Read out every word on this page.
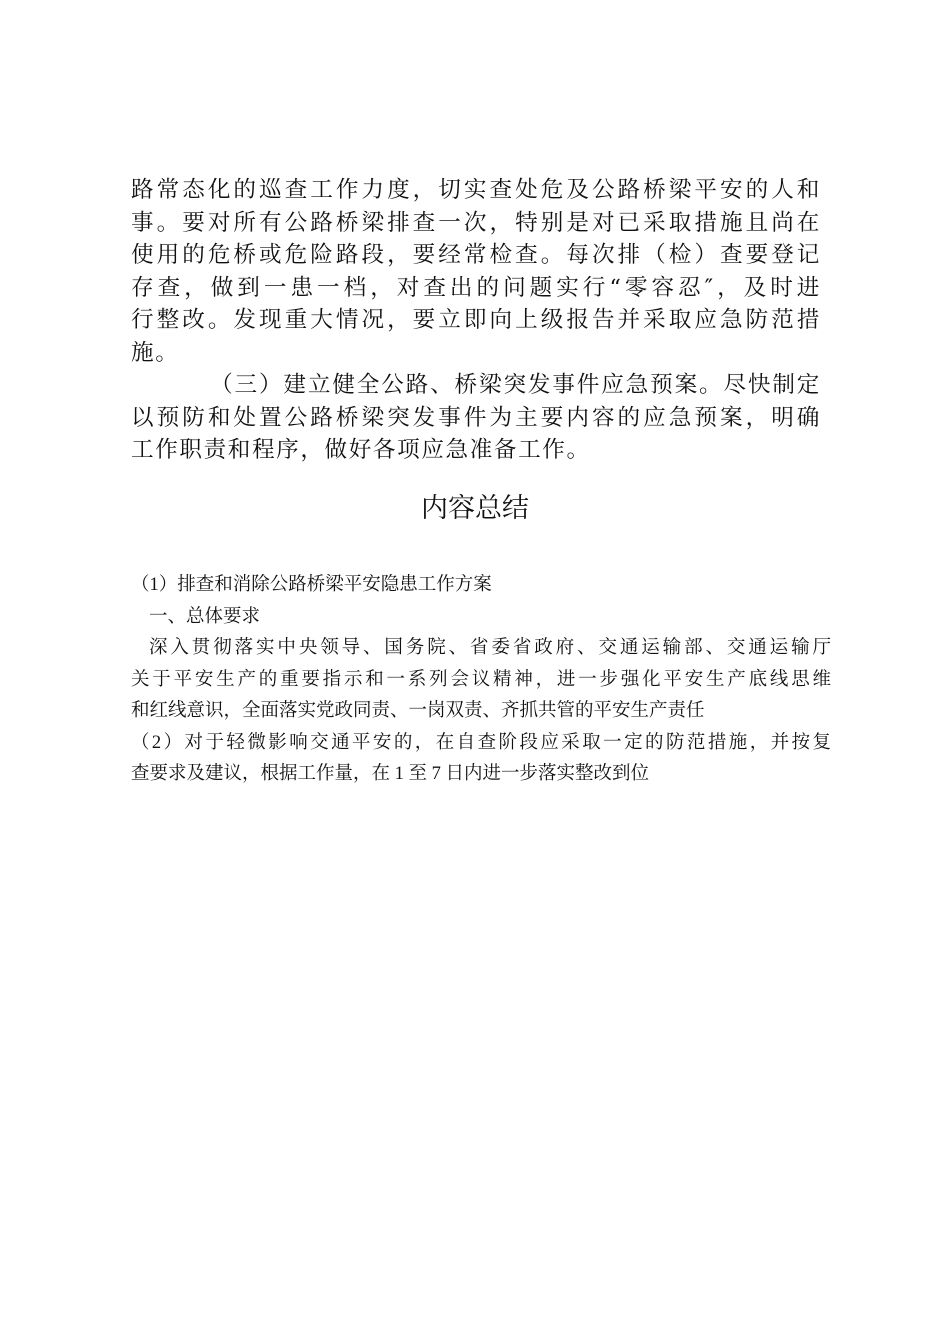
路常态化的巡查工作力度，切实查处危及公路桥梁平安的人和

事。要对所有公路桥梁排查一次，特别是对已采取措施且尚在

使用的危桥或危险路段，要经常检查。每次排（检）查要登记

存查，做到一患一档，对查出的问题实行“零容忍″，及时进

行整改。发现重大情况，要立即向上级报告并采取应急防范措

施。

（三）建立健全公路、桥梁突发事件应急预案。尽快制定

以预防和处置公路桥梁突发事件为主要内容的应急预案，明确

工作职责和程序，做好各项应急准备工作。

内容总结

（1）排查和消除公路桥梁平安隐患工作方案

一、总体要求

深入贯彻落实中央领导、国务院、省委省政府、交通运输部、交通运输厅

关于平安生产的重要指示和一系列会议精神，进一步强化平安生产底线思维

和红线意识，全面落实党政同责、一岗双责、齐抓共管的平安生产责任

（2）对于轻微影响交通平安的，在自查阶段应采取一定的防范措施，并按复

查要求及建议，根据工作量，在 1 至 7 日内进一步落实整改到位
